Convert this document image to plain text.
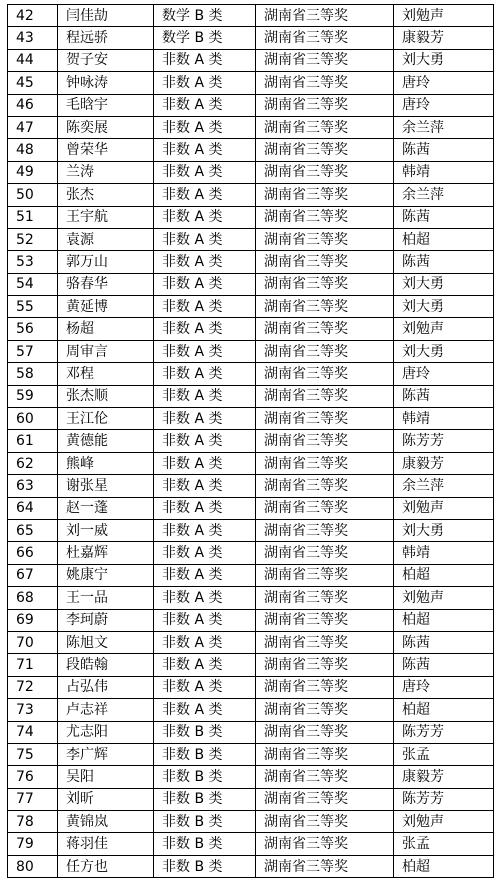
42	闫佳劼	数学 B 类	湖南省三等奖	刘勉声
43	程远骄	数学 B 类	湖南省三等奖	康毅芳
44	贺子安	非数 A 类	湖南省三等奖	刘大勇
45	钟咏涛	非数 A 类	湖南省三等奖	唐玲
46	毛晗宇	非数 A 类	湖南省三等奖	唐玲
47	陈奕展	非数 A 类	湖南省三等奖	余兰萍
48	曾荣华	非数 A 类	湖南省三等奖	陈茜
49	兰涛	非数 A 类	湖南省三等奖	韩靖
50	张杰	非数 A 类	湖南省三等奖	余兰萍
51	王宇航	非数 A 类	湖南省三等奖	陈茜
52	袁源	非数 A 类	湖南省三等奖	柏超
53	郭万山	非数 A 类	湖南省三等奖	陈茜
54	骆春华	非数 A 类	湖南省三等奖	刘大勇
55	黄延博	非数 A 类	湖南省三等奖	刘大勇
56	杨超	非数 A 类	湖南省三等奖	刘勉声
57	周审言	非数 A 类	湖南省三等奖	刘大勇
58	邓程	非数 A 类	湖南省三等奖	唐玲
59	张杰顺	非数 A 类	湖南省三等奖	陈茜
60	王江伦	非数 A 类	湖南省三等奖	韩靖
61	黄德能	非数 A 类	湖南省三等奖	陈芳芳
62	熊峰	非数 A 类	湖南省三等奖	康毅芳
63	谢张星	非数 A 类	湖南省三等奖	余兰萍
64	赵一蓬	非数 A 类	湖南省三等奖	刘勉声
65	刘一威	非数 A 类	湖南省三等奖	刘大勇
66	杜嘉辉	非数 A 类	湖南省三等奖	韩靖
67	姚康宁	非数 A 类	湖南省三等奖	柏超
68	王一品	非数 A 类	湖南省三等奖	刘勉声
69	李珂蔚	非数 A 类	湖南省三等奖	柏超
70	陈旭文	非数 A 类	湖南省三等奖	陈茜
71	段皓翰	非数 A 类	湖南省三等奖	陈茜
72	占弘伟	非数 A 类	湖南省三等奖	唐玲
73	卢志祥	非数 A 类	湖南省三等奖	柏超
74	尤志阳	非数 B 类	湖南省三等奖	陈芳芳
75	李广辉	非数 B 类	湖南省三等奖	张孟
76	吴阳	非数 B 类	湖南省三等奖	康毅芳
77	刘昕	非数 B 类	湖南省三等奖	陈芳芳
78	黄锦岚	非数 B 类	湖南省三等奖	刘勉声
79	蒋羽佳	非数 B 类	湖南省三等奖	张孟
80	任方也	非数 B 类	湖南省三等奖	柏超
